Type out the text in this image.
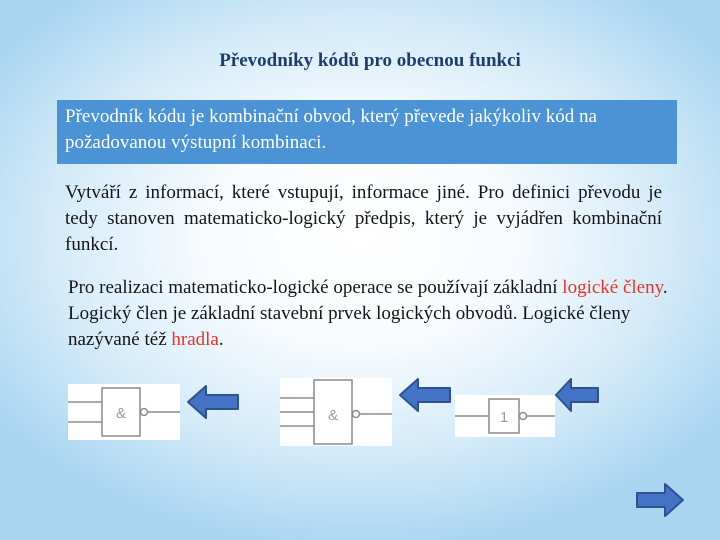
Převodníky kódů pro obecnou funkci
Převodník kódu je kombinační obvod, který převede jakýkoliv kód na požadovanou výstupní kombinaci.
Vytváří z informací, které vstupují, informace jiné. Pro definici převodu je tedy stanoven matematicko-logický předpis, který je vyjádřen kombinační funkcí.
Pro realizaci matematicko-logické operace se používají základní logické členy. Logický člen je základní stavební prvek logických obvodů. Logické členy nazývané též hradla.
&	&	1
